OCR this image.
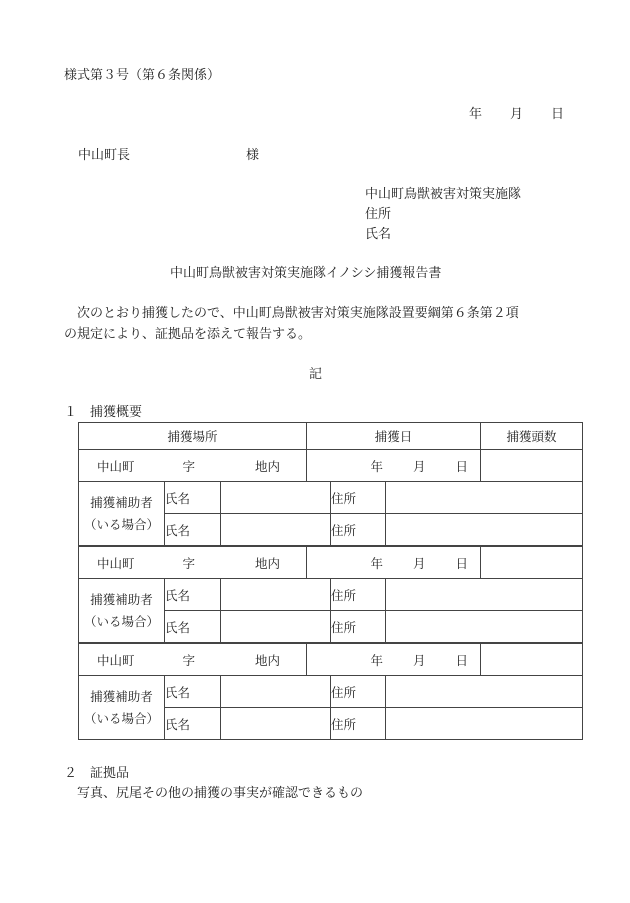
様式第３号（第６条関係）
年 月 日
中山町長	様
中山町鳥獣被害対策実施隊
住所
氏名
中山町鳥獣被害対策実施隊イノシシ捕獲報告書
　次のとおり捕獲したので、中山町鳥獣被害対策実施隊設置要綱第６条第２項
の規定により、証拠品を添えて報告する。
記
１　捕獲概要
捕獲場所			捕獲日			捕獲頭数

中山町 字 地内			年 月 日			

捕獲補助者
（いる場合）	氏名			住所		
	氏名			住所		

中山町 字 地内			年 月 日			

捕獲補助者
（いる場合）	氏名			住所		
	氏名			住所		

中山町 字 地内			年 月 日			

捕獲補助者
（いる場合）	氏名			住所		
	氏名			住所		
２　証拠品
　写真、尻尾その他の捕獲の事実が確認できるもの
